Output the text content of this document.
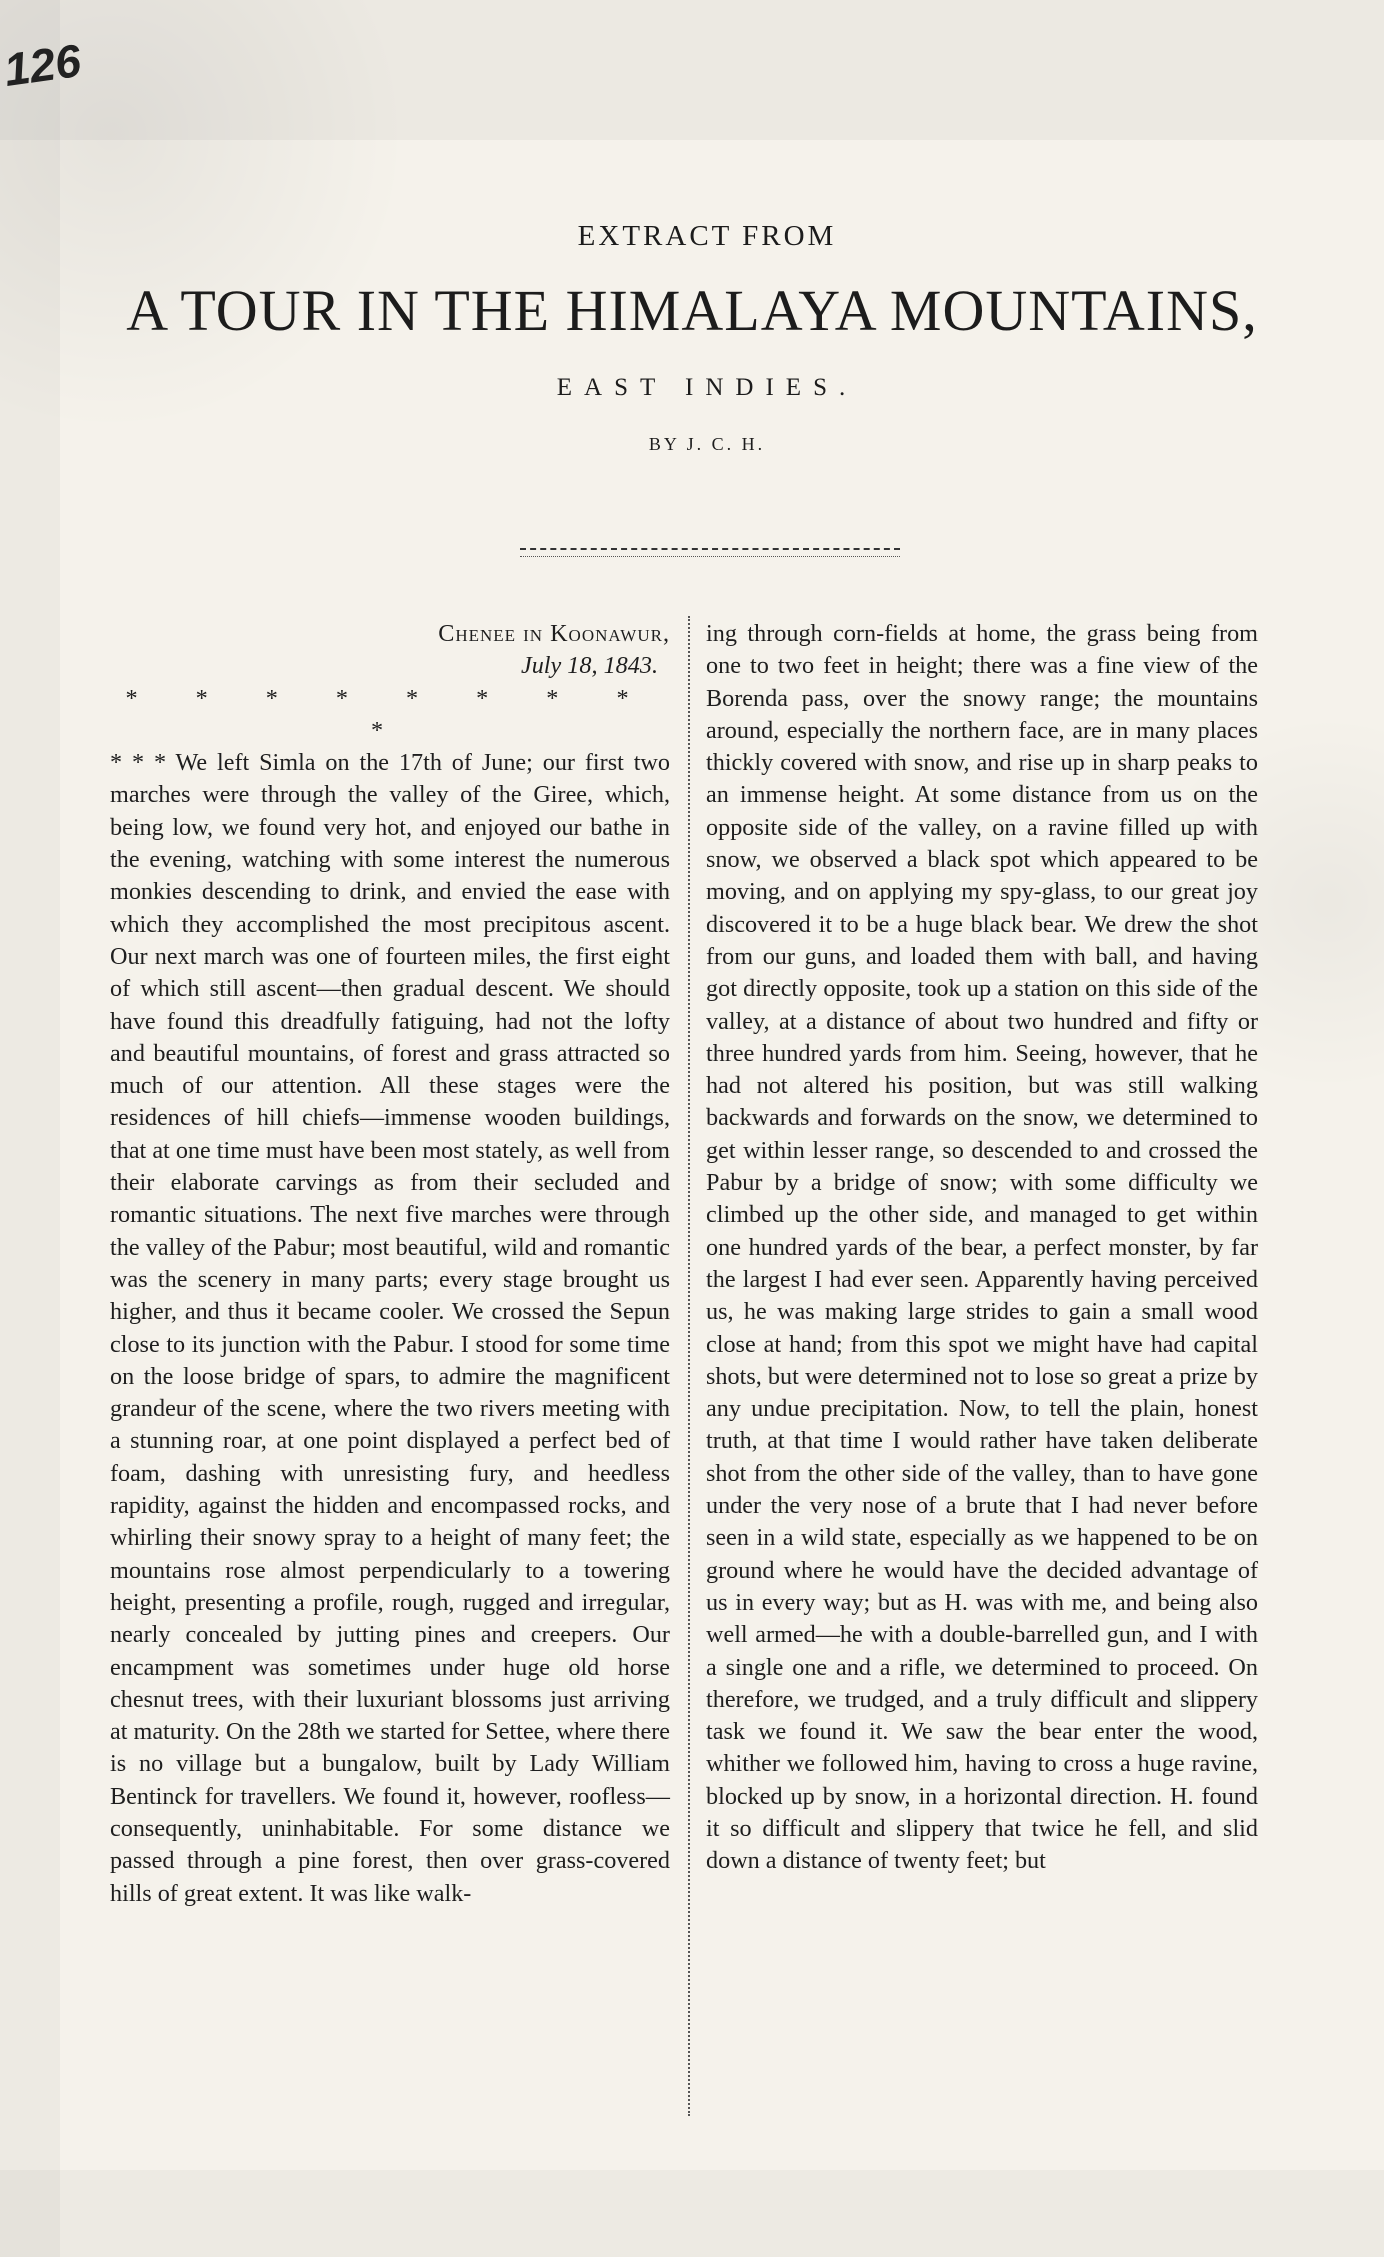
126
EXTRACT FROM
A TOUR IN THE HIMALAYA MOUNTAINS,
EAST INDIES.
BY J. C. H.
Chenee in Koonawur,
July 18, 1843.

* * * * * * * * *

* * * We left Simla on the 17th of June; our first two marches were through the valley of the Giree, which, being low, we found very hot, and enjoyed our bathe in the evening, watching with some interest the numerous monkies descending to drink, and envied the ease with which they accomplished the most precipitous ascent. Our next march was one of fourteen miles, the first eight of which still ascent—then gradual descent. We should have found this dreadfully fatiguing, had not the lofty and beautiful mountains, of forest and grass attracted so much of our attention. All these stages were the residences of hill chiefs—immense wooden buildings, that at one time must have been most stately, as well from their elaborate carvings as from their secluded and romantic situations. The next five marches were through the valley of the Pabur; most beautiful, wild and romantic was the scenery in many parts; every stage brought us higher, and thus it became cooler. We crossed the Sepun close to its junction with the Pabur. I stood for some time on the loose bridge of spars, to admire the magnificent grandeur of the scene, where the two rivers meeting with a stunning roar, at one point displayed a perfect bed of foam, dashing with unresisting fury, and heedless rapidity, against the hidden and encompassed rocks, and whirling their snowy spray to a height of many feet; the mountains rose almost perpendicularly to a towering height, presenting a profile, rough, rugged and irregular, nearly concealed by jutting pines and creepers. Our encampment was sometimes under huge old horse chesnut trees, with their luxuriant blossoms just arriving at maturity. On the 28th we started for Settee, where there is no village but a bungalow, built by Lady William Bentinck for travellers. We found it, however, roofless—consequently, uninhabitable. For some distance we passed through a pine forest, then over grass-covered hills of great extent. It was like walk-

ing through corn-fields at home, the grass being from one to two feet in height; there was a fine view of the Borenda pass, over the snowy range; the mountains around, especially the northern face, are in many places thickly covered with snow, and rise up in sharp peaks to an immense height. At some distance from us on the opposite side of the valley, on a ravine filled up with snow, we observed a black spot which appeared to be moving, and on applying my spy-glass, to our great joy discovered it to be a huge black bear. We drew the shot from our guns, and loaded them with ball, and having got directly opposite, took up a station on this side of the valley, at a distance of about two hundred and fifty or three hundred yards from him. Seeing, however, that he had not altered his position, but was still walking backwards and forwards on the snow, we determined to get within lesser range, so descended to and crossed the Pabur by a bridge of snow; with some difficulty we climbed up the other side, and managed to get within one hundred yards of the bear, a perfect monster, by far the largest I had ever seen. Apparently having perceived us, he was making large strides to gain a small wood close at hand; from this spot we might have had capital shots, but were determined not to lose so great a prize by any undue precipitation. Now, to tell the plain, honest truth, at that time I would rather have taken deliberate shot from the other side of the valley, than to have gone under the very nose of a brute that I had never before seen in a wild state, especially as we happened to be on ground where he would have the decided advantage of us in every way; but as H. was with me, and being also well armed—he with a double-barrelled gun, and I with a single one and a rifle, we determined to proceed. On therefore, we trudged, and a truly difficult and slippery task we found it. We saw the bear enter the wood, whither we followed him, having to cross a huge ravine, blocked up by snow, in a horizontal direction. H. found it so difficult and slippery that twice he fell, and slid down a distance of twenty feet; but
